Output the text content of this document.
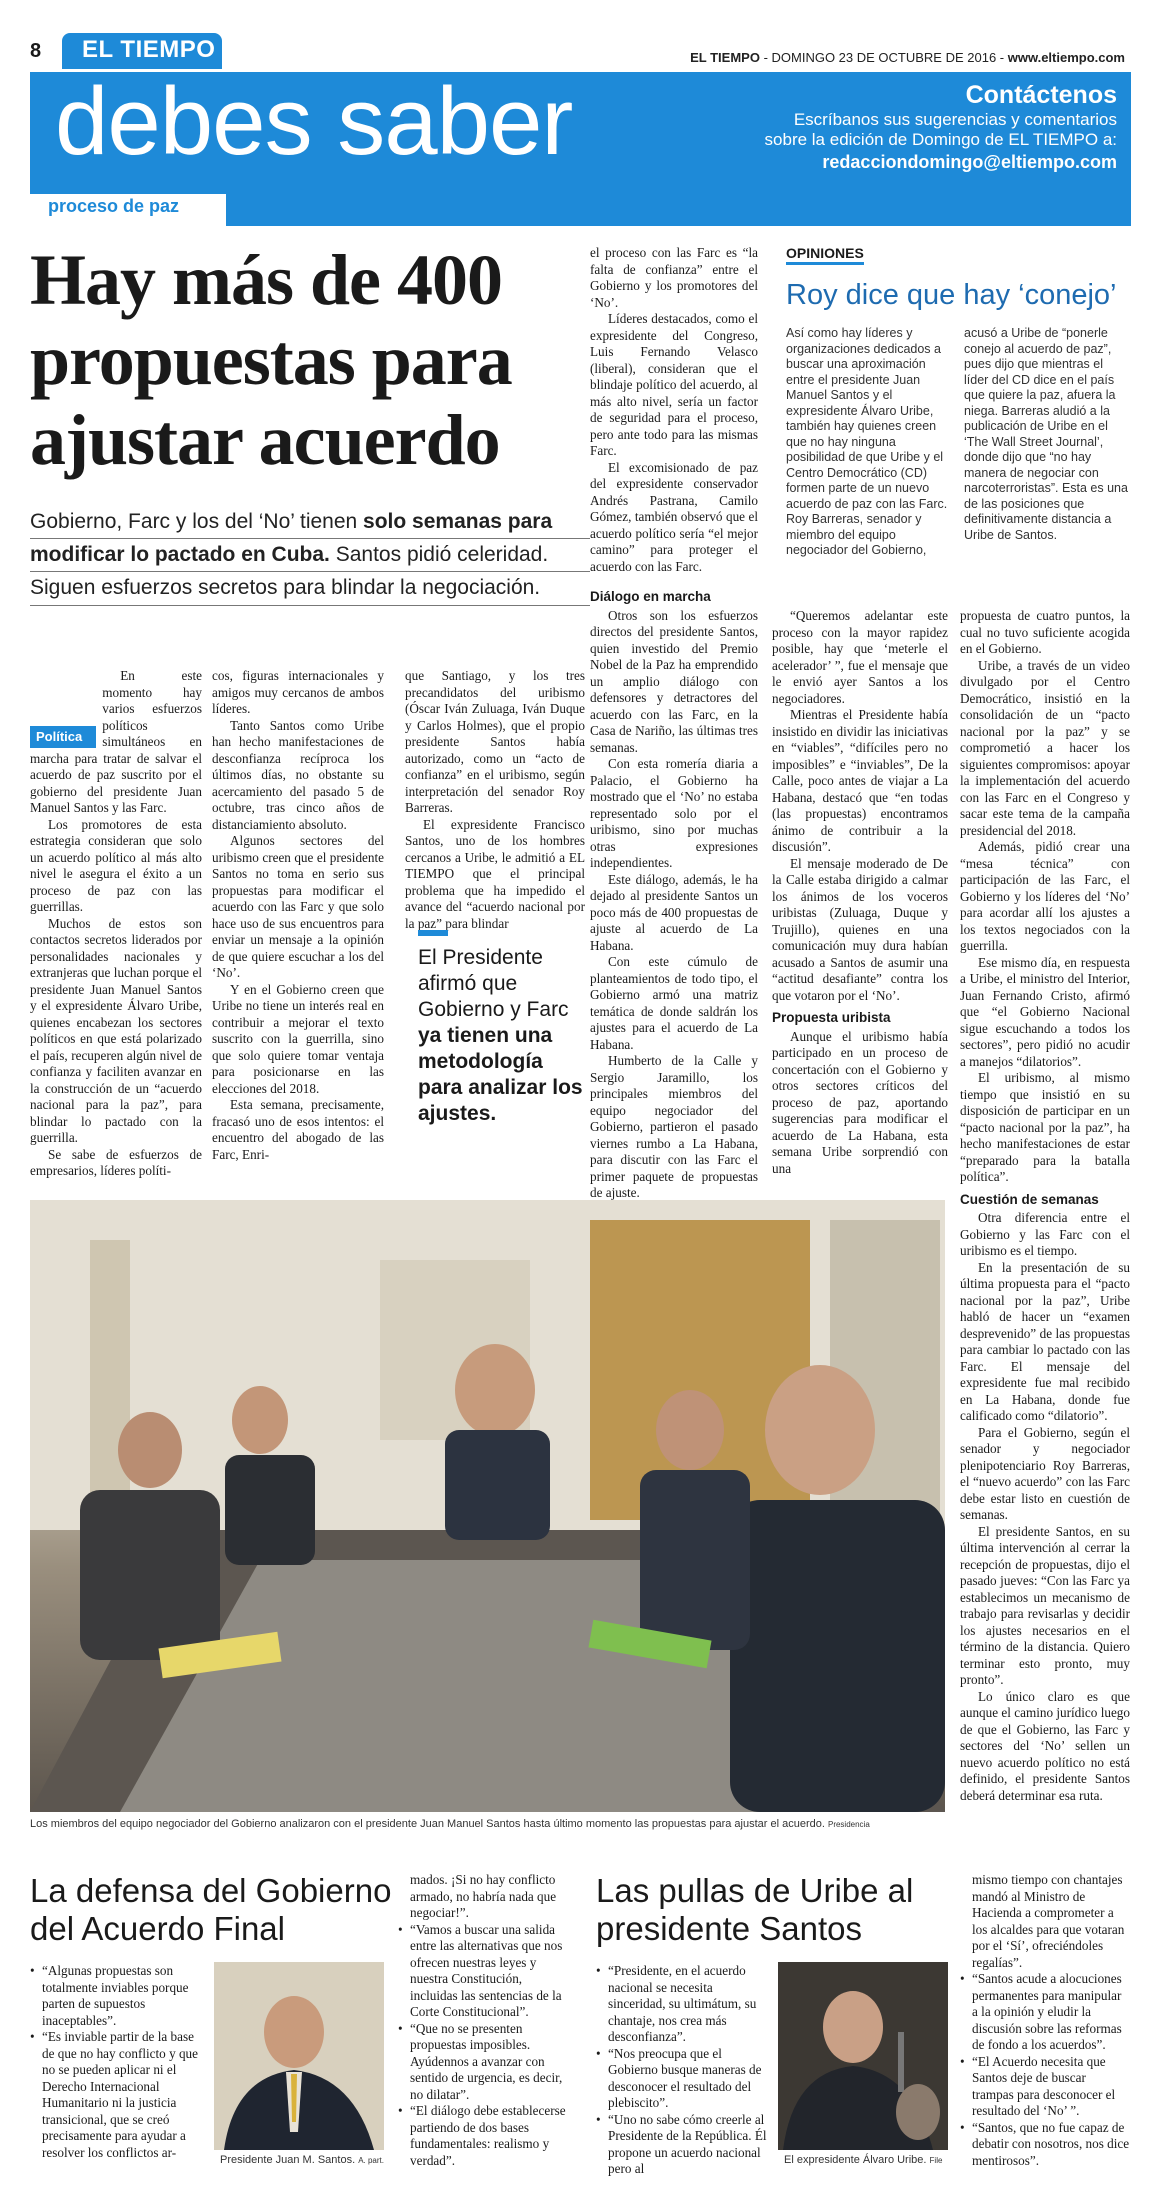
8 EL TIEMPO	EL TIEMPO - DOMINGO 23 DE OCTUBRE DE 2016 - www.eltiempo.com
debes saber	Contáctenos
Escríbanos sus sugerencias y comentarios
sobre la edición de Domingo de EL TIEMPO a:
redacciondomingo@eltiempo.com
proceso de paz
Hay más de 400
propuestas para
ajustar acuerdo
Gobierno, Farc y los del ‘No’ tienen solo semanas para modificar lo pactado en Cuba. Santos pidió celeridad.
Siguen esfuerzos secretos para blindar la negociación.
Política

En este momento hay varios esfuerzos políticos simultáneos en marcha para tratar de salvar el acuerdo de paz suscrito por el gobierno del presidente Juan Manuel Santos y las Farc.

Los promotores de esta estrategia consideran que solo un acuerdo político al más alto nivel le asegura el éxito a un proceso de paz con las guerrillas.

Muchos de estos son contactos secretos liderados por personalidades nacionales y extranjeras que luchan porque el presidente Juan Manuel Santos y el expresidente Álvaro Uribe, quienes encabezan los sectores políticos en que está polarizado el país, recuperen algún nivel de confianza y faciliten avanzar en la construcción de un “acuerdo nacional para la paz”, para blindar lo pactado con la guerrilla.

Se sabe de esfuerzos de empresarios, líderes políti-

cos, figuras internacionales y amigos muy cercanos de ambos líderes.

Tanto Santos como Uribe han hecho manifestaciones de desconfianza recíproca los últimos días, no obstante su acercamiento del pasado 5 de octubre, tras cinco años de distanciamiento absoluto.

Algunos sectores del uribismo creen que el presidente Santos no toma en serio sus propuestas para modificar el acuerdo con las Farc y que solo hace uso de sus encuentros para enviar un mensaje a la opinión de que quiere escuchar a los del ‘No’.

Y en el Gobierno creen que Uribe no tiene un interés real en contribuir a mejorar el texto suscrito con la guerrilla, sino que solo quiere tomar ventaja para posicionarse en las elecciones del 2018.

Esta semana, precisamente, fracasó uno de esos intentos: el encuentro del abogado de las Farc, Enri-

que Santiago, y los tres precandidatos del uribismo (Óscar Iván Zuluaga, Iván Duque y Carlos Holmes), que el propio presidente Santos había autorizado, como un “acto de confianza” en el uribismo, según interpretación del senador Roy Barreras.

El expresidente Francisco Santos, uno de los hombres cercanos a Uribe, le admitió a EL TIEMPO que el principal problema que ha impedido el avance del “acuerdo nacional por la paz” para blindar

El Presidente afirmó que Gobierno y Farc
ya tienen una metodología para analizar los ajustes.

el proceso con las Farc es “la falta de confianza” entre el Gobierno y los promotores del ‘No’.

Líderes destacados, como el expresidente del Congreso, Luis Fernando Velasco (liberal), consideran que el blindaje político del acuerdo, al más alto nivel, sería un factor de seguridad para el proceso, pero ante todo para las mismas Farc.

El excomisionado de paz del expresidente conservador Andrés Pastrana, Camilo Gómez, también observó que el acuerdo político sería “el mejor camino” para proteger el acuerdo con las Farc.

Diálogo en marcha

Otros son los esfuerzos directos del presidente Santos, quien investido del Premio Nobel de la Paz ha emprendido un amplio diálogo con defensores y detractores del acuerdo con las Farc, en la Casa de Nariño, las últimas tres semanas.

Con esta romería diaria a Palacio, el Gobierno ha mostrado que el ‘No’ no estaba representado solo por el uribismo, sino por muchas otras expresiones independientes.

Este diálogo, además, le ha dejado al presidente Santos un poco más de 400 propuestas de ajuste al acuerdo de La Habana.

Con este cúmulo de planteamientos de todo tipo, el Gobierno armó una matriz temática de donde saldrán los ajustes para el acuerdo de La Habana.

Humberto de la Calle y Sergio Jaramillo, los principales miembros del equipo negociador del Gobierno, partieron el pasado viernes rumbo a La Habana, para discutir con las Farc el primer paquete de propuestas de ajuste.

OPINIONES
Roy dice que hay ‘conejo’
Así como hay líderes y organizaciones dedicados a buscar una aproximación entre el presidente Juan Manuel Santos y el expresidente Álvaro Uribe, también hay quienes creen que no hay ninguna posibilidad de que Uribe y el Centro Democrático (CD) formen parte de un nuevo acuerdo de paz con las Farc. Roy Barreras, senador y miembro del equipo negociador del Gobierno,
acusó a Uribe de “ponerle conejo al acuerdo de paz”, pues dijo que mientras el líder del CD dice en el país que quiere la paz, afuera la niega. Barreras aludió a la publicación de Uribe en el ‘The Wall Street Journal’, donde dijo que “no hay manera de negociar con narcoterroristas”. Esta es una de las posiciones que definitivamente distancia a Uribe de Santos.

“Queremos adelantar este proceso con la mayor rapidez posible, hay que ‘meterle el acelerador’ ”, fue el mensaje que le envió ayer Santos a los negociadores.

Mientras el Presidente había insistido en dividir las iniciativas en “viables”, “difíciles pero no imposibles” e “inviables”, De la Calle, poco antes de viajar a La Habana, destacó que “en todas (las propuestas) encontramos ánimo de contribuir a la discusión”.

El mensaje moderado de De la Calle estaba dirigido a calmar los ánimos de los voceros uribistas (Zuluaga, Duque y Trujillo), quienes en una comunicación muy dura habían acusado a Santos de asumir una “actitud desafiante” contra los que votaron por el ‘No’.

Propuesta uribista

Aunque el uribismo había participado en un proceso de concertación con el Gobierno y otros sectores críticos del proceso de paz, aportando sugerencias para modificar el acuerdo de La Habana, esta semana Uribe sorprendió con una

propuesta de cuatro puntos, la cual no tuvo suficiente acogida en el Gobierno.

Uribe, a través de un video divulgado por el Centro Democrático, insistió en la consolidación de un “pacto nacional por la paz” y se comprometió a hacer los siguientes compromisos: apoyar la implementación del acuerdo con las Farc en el Congreso y sacar este tema de la campaña presidencial del 2018.

Además, pidió crear una “mesa técnica” con participación de las Farc, el Gobierno y los líderes del ‘No’ para acordar allí los ajustes a los textos negociados con la guerrilla.

Ese mismo día, en respuesta a Uribe, el ministro del Interior, Juan Fernando Cristo, afirmó que “el Gobierno Nacional sigue escuchando a todos los sectores”, pero pidió no acudir a manejos “dilatorios”.

El uribismo, al mismo tiempo que insistió en su disposición de participar en un “pacto nacional por la paz”, ha hecho manifestaciones de estar “preparado para la batalla política”.

Cuestión de semanas

Otra diferencia entre el Gobierno y las Farc con el uribismo es el tiempo.

En la presentación de su última propuesta para el “pacto nacional por la paz”, Uribe habló de hacer un “examen desprevenido” de las propuestas para cambiar lo pactado con las Farc. El mensaje del expresidente fue mal recibido en La Habana, donde fue calificado como “dilatorio”.

Para el Gobierno, según el senador y negociador plenipotenciario Roy Barreras, el “nuevo acuerdo” con las Farc debe estar listo en cuestión de semanas.

El presidente Santos, en su última intervención al cerrar la recepción de propuestas, dijo el pasado jueves: “Con las Farc ya establecimos un mecanismo de trabajo para revisarlas y decidir los ajustes necesarios en el término de la distancia. Quiero terminar esto pronto, muy pronto”.

Lo único claro es que aunque el camino jurídico luego de que el Gobierno, las Farc y sectores del ‘No’ sellen un nuevo acuerdo político no está definido, el presidente Santos deberá determinar esa ruta.

Los miembros del equipo negociador del Gobierno analizaron con el presidente Juan Manuel Santos hasta último momento las propuestas para ajustar el acuerdo. Presidencia
La defensa del Gobierno
del Acuerdo Final
• “Algunas propuestas son totalmente inviables porque parten de supuestos inaceptables”.
• “Es inviable partir de la base de que no hay conflicto y que no se pueden aplicar ni el Derecho Internacional Humanitario ni la justicia transicional, que se creó precisamente para ayudar a resolver los conflictos ar-
Presidente Juan M. Santos. A. part.
mados. ¡Si no hay conflicto armado, no habría nada que negociar!”.
• “Vamos a buscar una salida entre las alternativas que nos ofrecen nuestras leyes y nuestra Constitución, incluidas las sentencias de la Corte Constitucional”.
• “Que no se presenten propuestas imposibles. Ayúdennos a avanzar con sentido de urgencia, es decir, no dilatar”.
• “El diálogo debe establecerse partiendo de dos bases fundamentales: realismo y verdad”.
Las pullas de Uribe al
presidente Santos
• “Presidente, en el acuerdo nacional se necesita sinceridad, su ultimátum, su chantaje, nos crea más desconfianza”.
• “Nos preocupa que el Gobierno busque maneras de desconocer el resultado del plebiscito”.
• “Uno no sabe cómo creerle al Presidente de la República. Él propone un acuerdo nacional pero al
El expresidente Álvaro Uribe. File
mismo tiempo con chantajes mandó al Ministro de Hacienda a comprometer a los alcaldes para que votaran por el ‘Sí’, ofreciéndoles regalías”.
• “Santos acude a alocuciones permanentes para manipular a la opinión y eludir la discusión sobre las reformas de fondo a los acuerdos”.
• “El Acuerdo necesita que Santos deje de buscar trampas para desconocer el resultado del ‘No’ ”.
• “Santos, que no fue capaz de debatir con nosotros, nos dice mentirosos”.
